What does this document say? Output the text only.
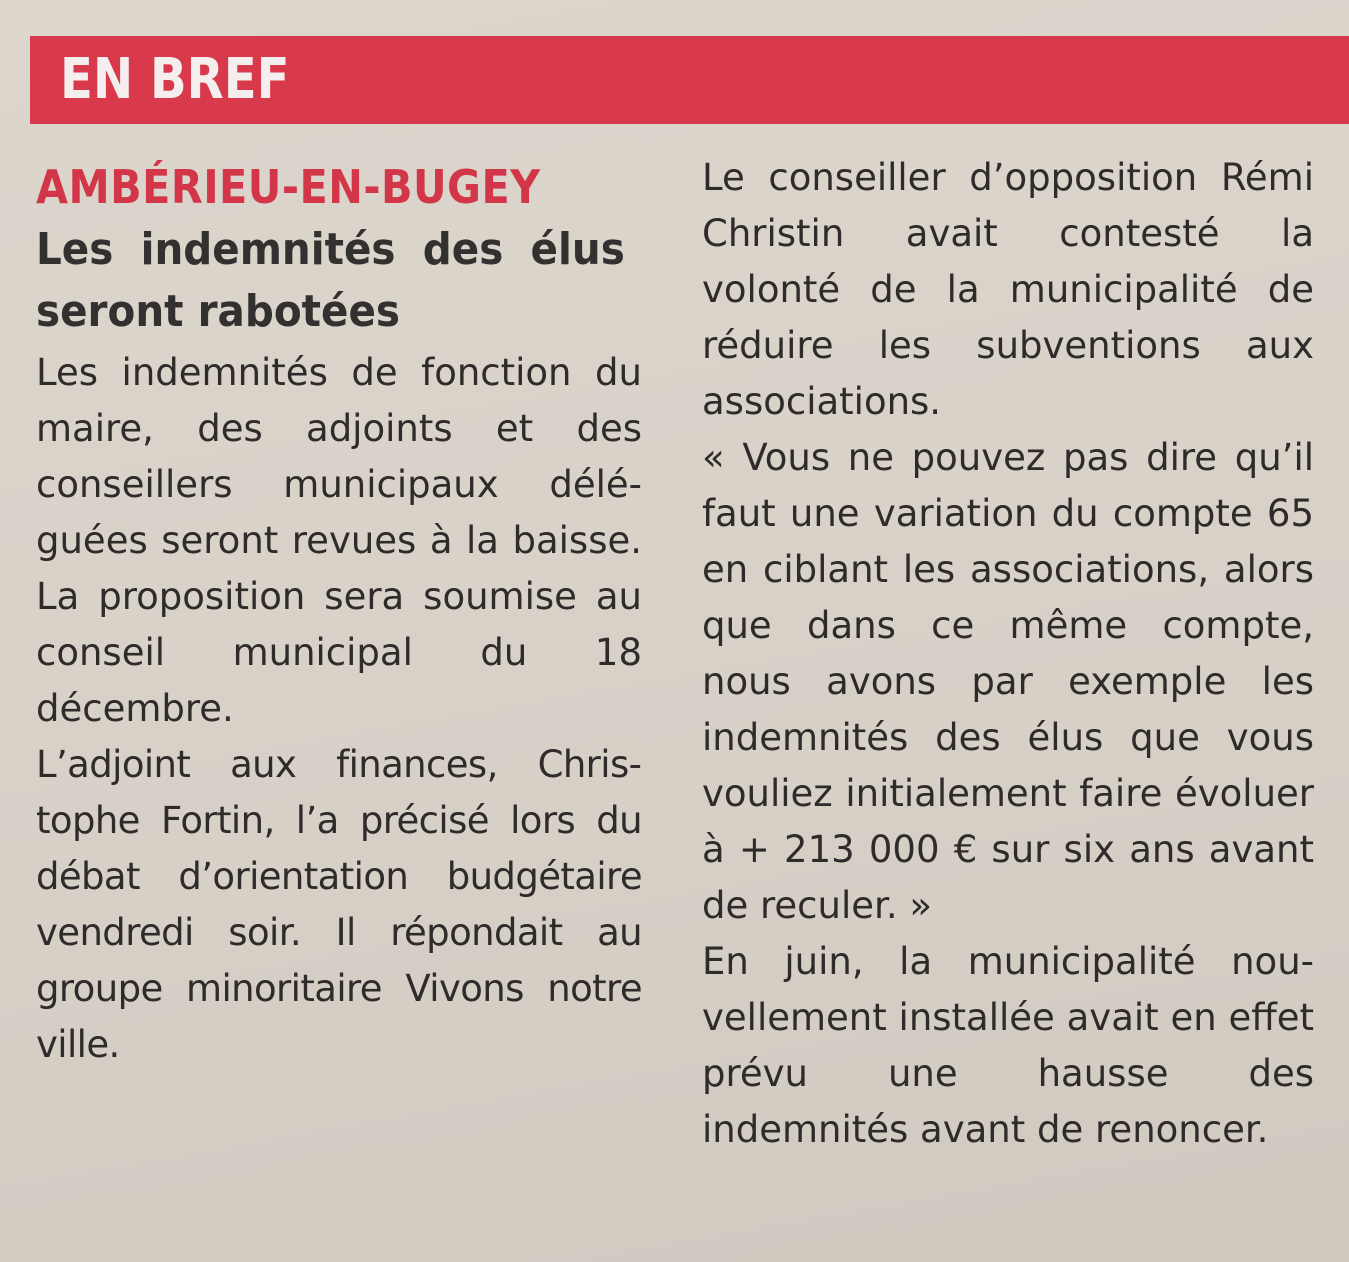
EN BREF

AMBÉRIEU-EN-BUGEY

Les indemnités des élus seront rabotées

Les indemnités de fonction du maire, des adjoints et des conseillers municipaux déléguées seront revues à la baisse. La proposition sera soumise au conseil municipal du 18 décembre.

L’adjoint aux finances, Christophe Fortin, l’a précisé lors du débat d’orientation budgétaire vendredi soir. Il répondait au groupe minoritaire Vivons notre ville.

Le conseiller d’opposition Rémi Christin avait contesté la volonté de la municipalité de réduire les subventions aux associations.

« Vous ne pouvez pas dire qu’il faut une variation du compte 65 en ciblant les associations, alors que dans ce même compte, nous avons par exemple les indemnités des élus que vous vouliez initialement faire évoluer à + 213 000 € sur six ans avant de reculer. »

En juin, la municipalité nouvellement installée avait en effet prévu une hausse des indemnités avant de renoncer.
